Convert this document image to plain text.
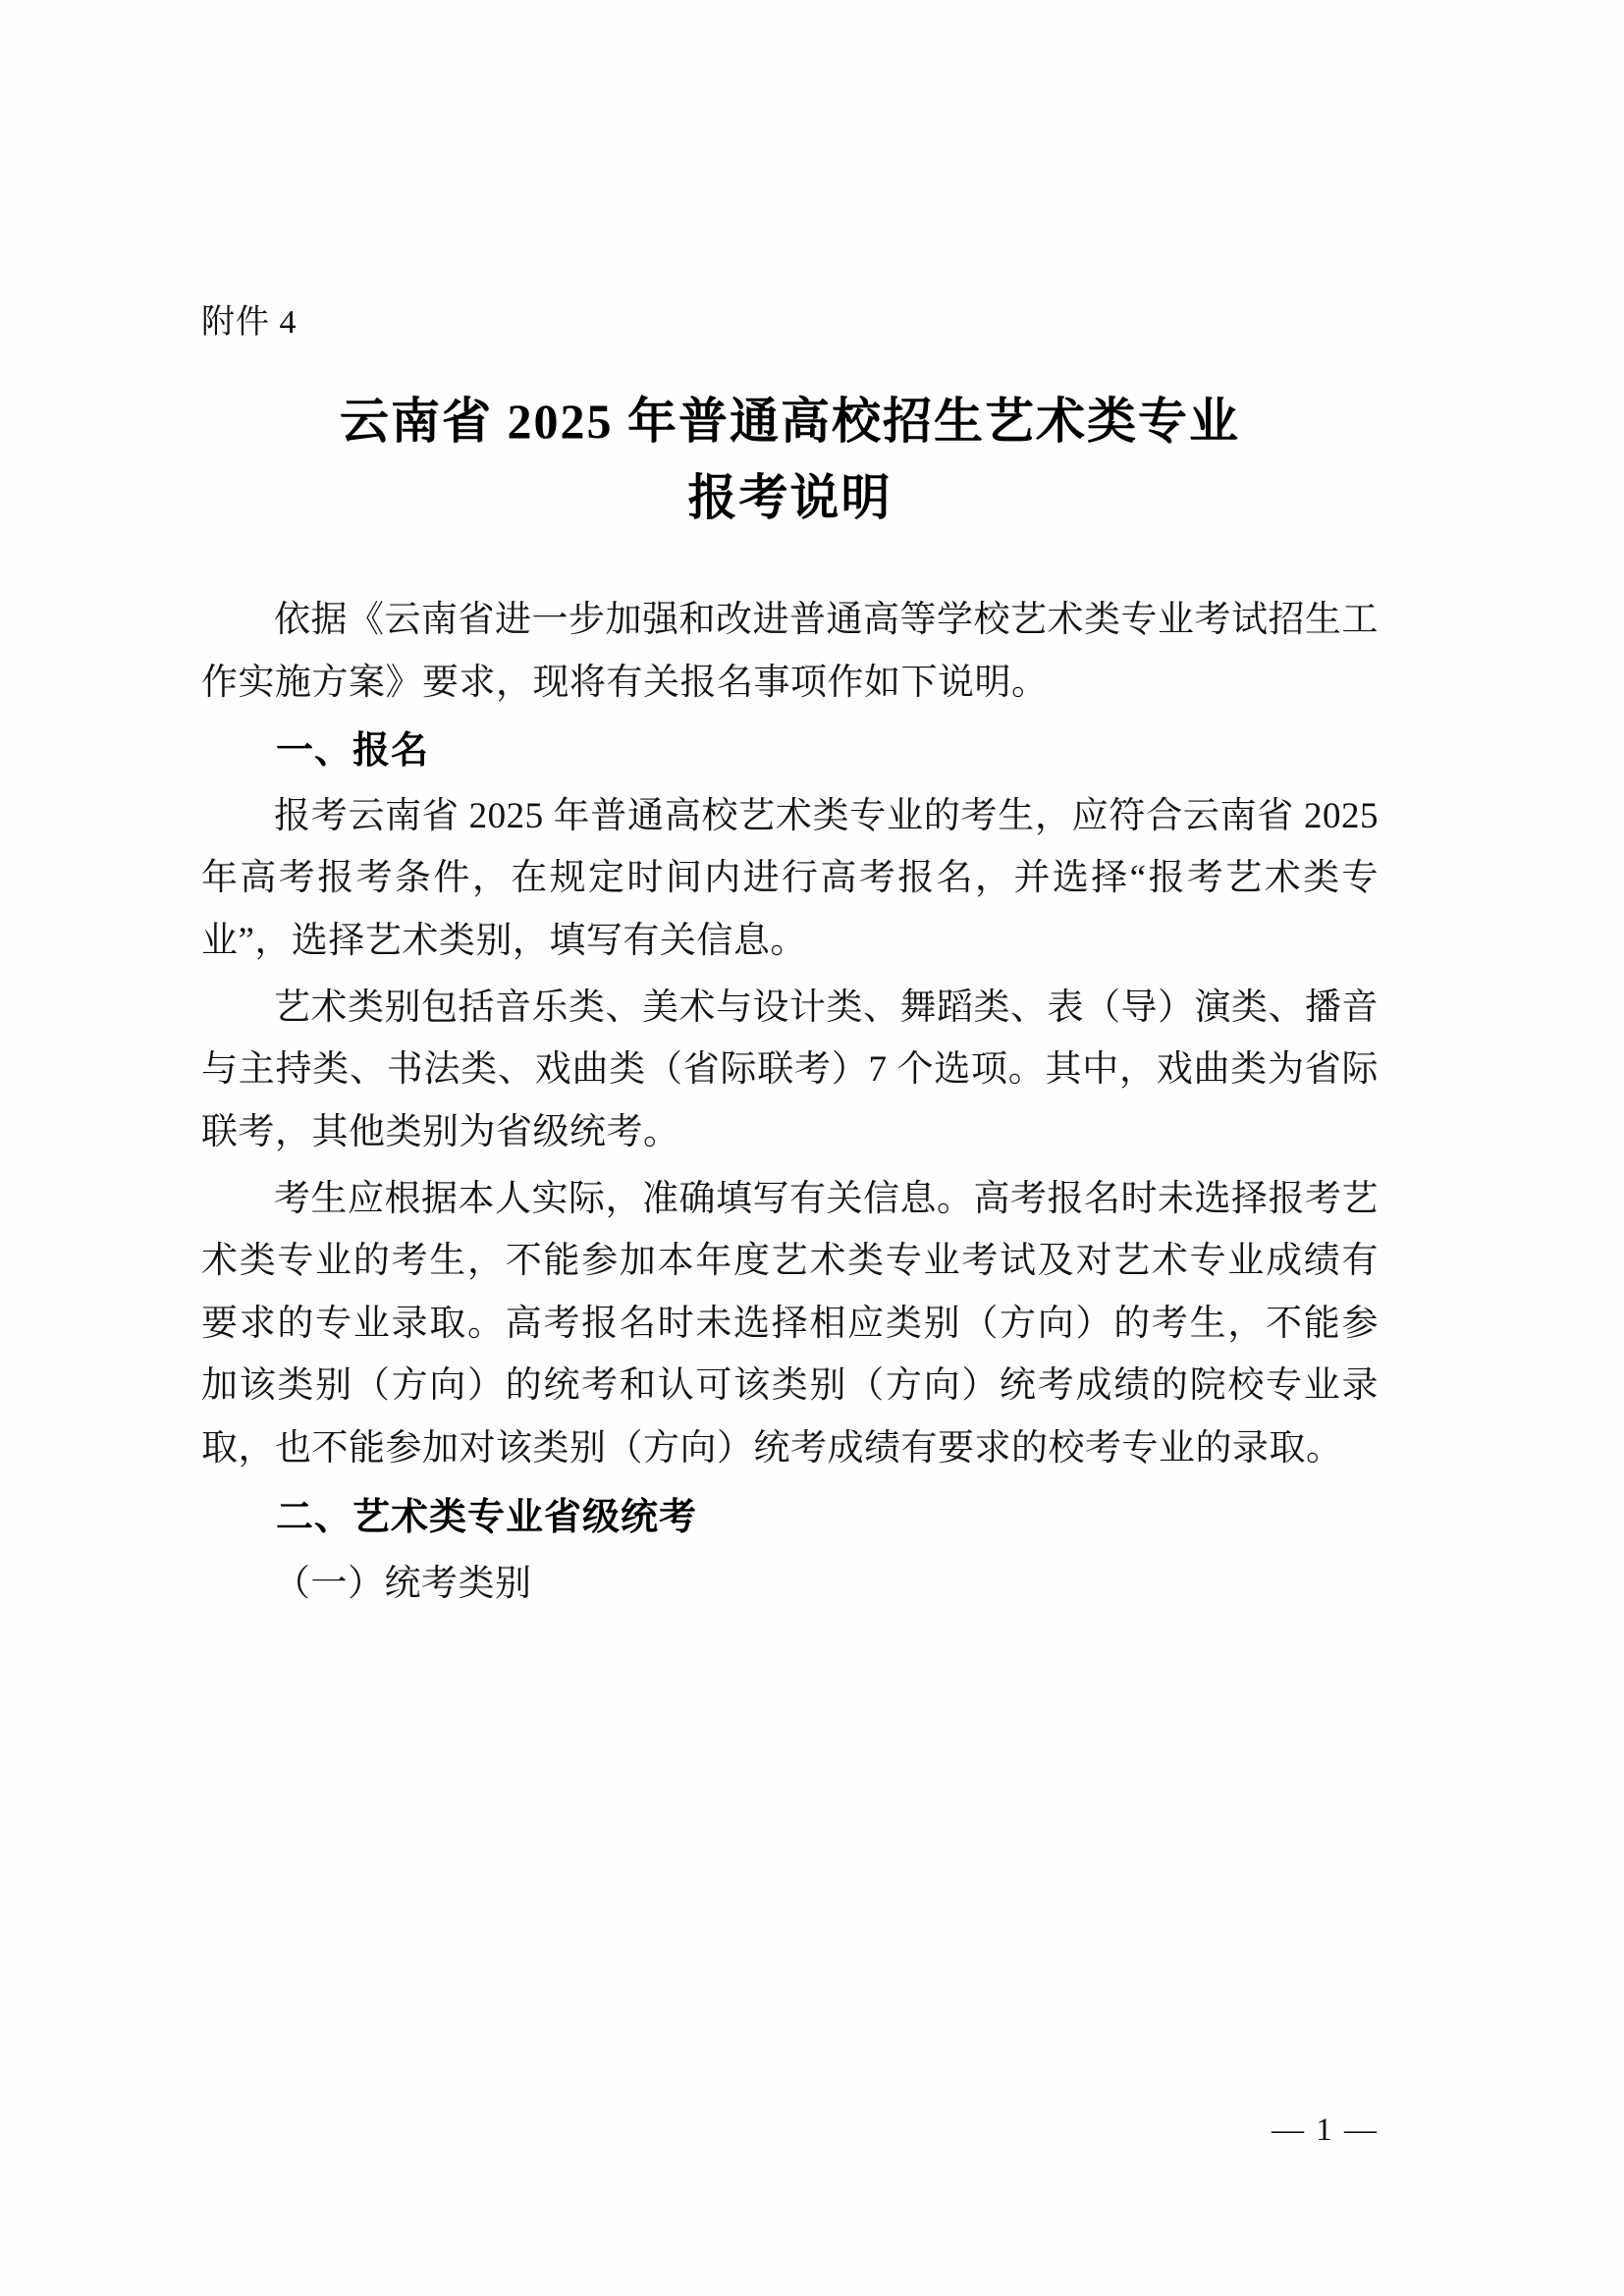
附件 4
云南省 2025 年普通高校招生艺术类专业
报考说明

依据《云南省进一步加强和改进普通高等学校艺术类专业考试招生工作实施方案》要求，现将有关报名事项作如下说明。

一、报名

报考云南省 2025 年普通高校艺术类专业的考生，应符合云南省 2025 年高考报考条件，在规定时间内进行高考报名，并选择“报考艺术类专业”，选择艺术类别，填写有关信息。

艺术类别包括音乐类、美术与设计类、舞蹈类、表（导）演类、播音与主持类、书法类、戏曲类（省际联考）7 个选项。其中，戏曲类为省际联考，其他类别为省级统考。

考生应根据本人实际，准确填写有关信息。高考报名时未选择报考艺术类专业的考生，不能参加本年度艺术类专业考试及对艺术专业成绩有要求的专业录取。高考报名时未选择相应类别（方向）的考生，不能参加该类别（方向）的统考和认可该类别（方向）统考成绩的院校专业录取，也不能参加对该类别（方向）统考成绩有要求的校考专业的录取。

二、艺术类专业省级统考

（一）统考类别

— 1 —
